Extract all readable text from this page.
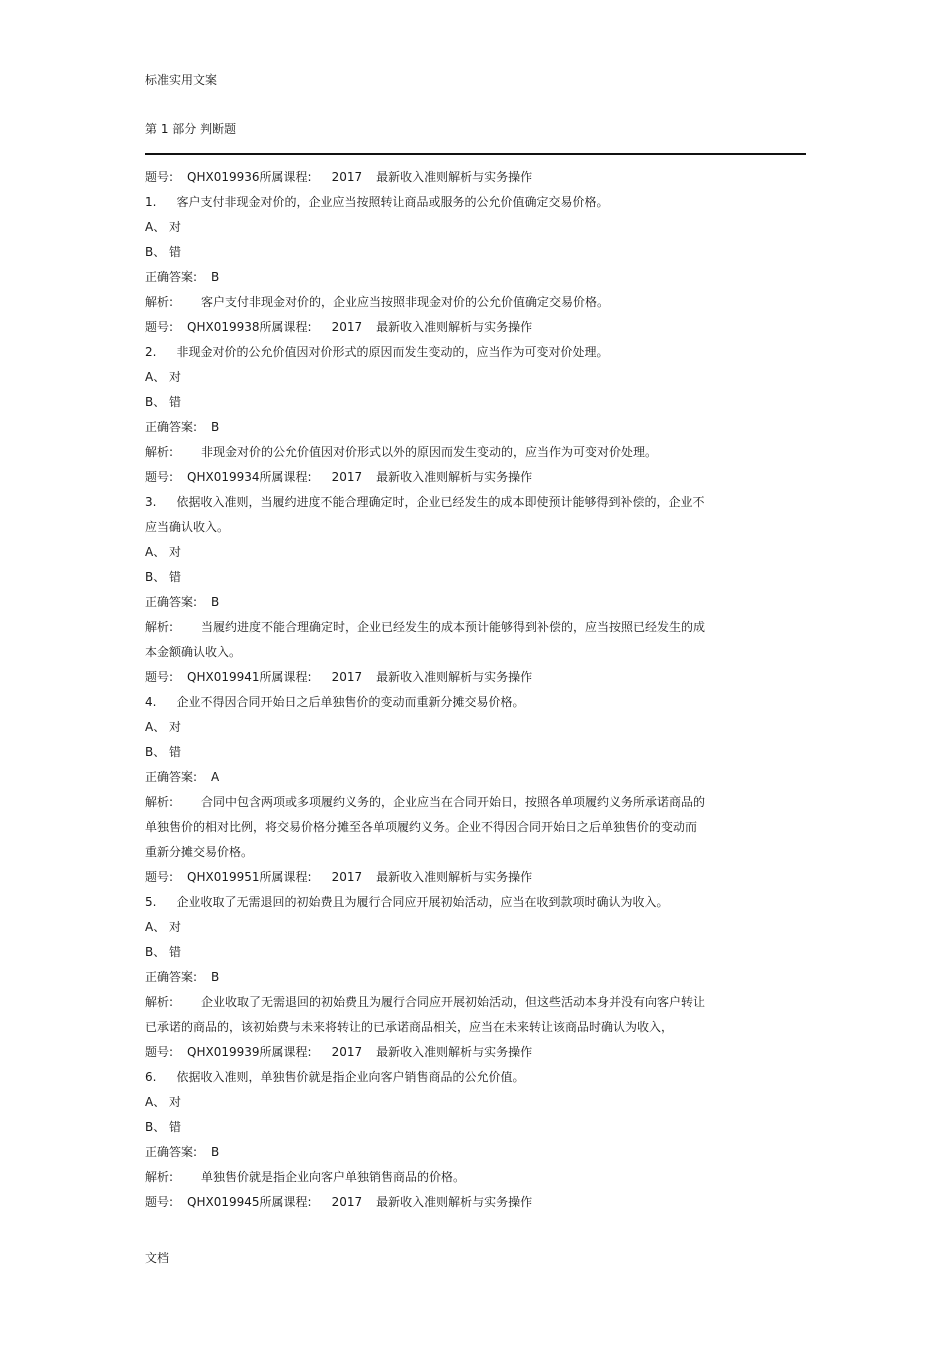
标准实用文案
第 1 部分 判断题
题号: QHX019936所属课程: 2017 最新收入准则解析与实务操作
1. 客户支付非现金对价的，企业应当按照转让商品或服务的公允价值确定交易价格。
A、 对
B、 错
正确答案: B
解析: 客户支付非现金对价的，企业应当按照非现金对价的公允价值确定交易价格。
题号: QHX019938所属课程: 2017 最新收入准则解析与实务操作
2. 非现金对价的公允价值因对价形式的原因而发生变动的，应当作为可变对价处理。
A、 对
B、 错
正确答案: B
解析: 非现金对价的公允价值因对价形式以外的原因而发生变动的，应当作为可变对价处理。
题号: QHX019934所属课程: 2017 最新收入准则解析与实务操作
3. 依据收入准则，当履约进度不能合理确定时，企业已经发生的成本即使预计能够得到补偿的，企业不
应当确认收入。
A、 对
B、 错
正确答案: B
解析: 当履约进度不能合理确定时，企业已经发生的成本预计能够得到补偿的，应当按照已经发生的成
本金额确认收入。
题号: QHX019941所属课程: 2017 最新收入准则解析与实务操作
4. 企业不得因合同开始日之后单独售价的变动而重新分摊交易价格。
A、 对
B、 错
正确答案: A
解析: 合同中包含两项或多项履约义务的，企业应当在合同开始日，按照各单项履约义务所承诺商品的
单独售价的相对比例，将交易价格分摊至各单项履约义务。企业不得因合同开始日之后单独售价的变动而
重新分摊交易价格。
题号: QHX019951所属课程: 2017 最新收入准则解析与实务操作
5. 企业收取了无需退回的初始费且为履行合同应开展初始活动，应当在收到款项时确认为收入。
A、 对
B、 错
正确答案: B
解析: 企业收取了无需退回的初始费且为履行合同应开展初始活动，但这些活动本身并没有向客户转让
已承诺的商品的，该初始费与未来将转让的已承诺商品相关，应当在未来转让该商品时确认为收入，
题号: QHX019939所属课程: 2017 最新收入准则解析与实务操作
6. 依据收入准则，单独售价就是指企业向客户销售商品的公允价值。
A、 对
B、 错
正确答案: B
解析: 单独售价就是指企业向客户单独销售商品的价格。
题号: QHX019945所属课程: 2017 最新收入准则解析与实务操作
文档
